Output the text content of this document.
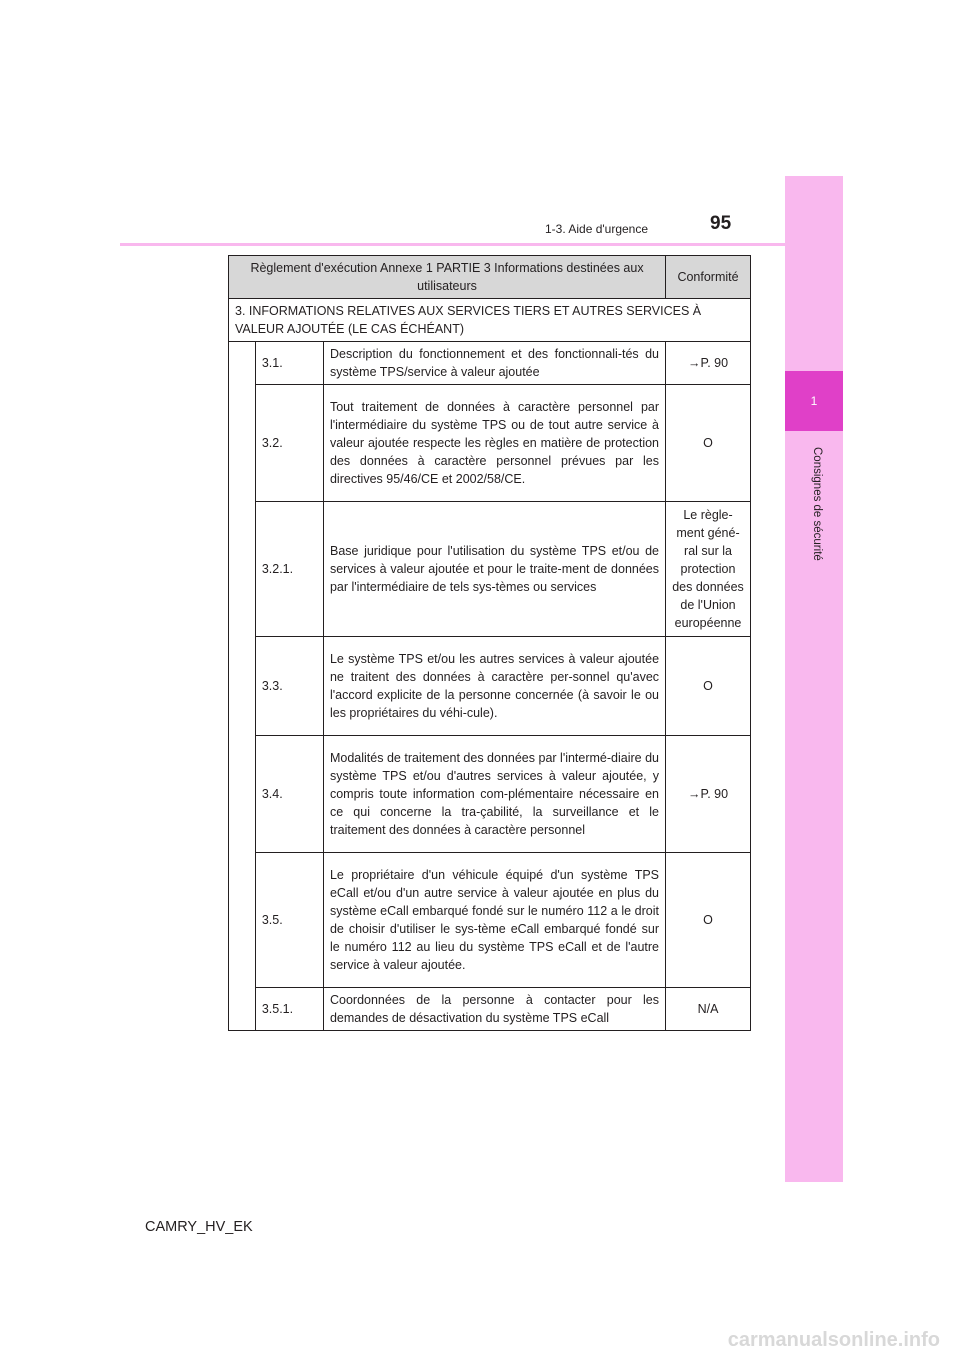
1-3. Aide d'urgence	95
1
Consignes de sécurité
Règlement d'exécution Annexe 1 PARTIE 3 Informations destinées aux utilisateurs			Conformité
3. INFORMATIONS RELATIVES AUX SERVICES TIERS ET AUTRES SERVICES À VALEUR AJOUTÉE (LE CAS ÉCHÉANT)			
	3.1.	Description du fonctionnement et des fonctionnali-tés du système TPS/service à valeur ajoutée	→P. 90
	3.2.	Tout traitement de données à caractère personnel par l'intermédiaire du système TPS ou de tout autre service à valeur ajoutée respecte les règles en matière de protection des données à caractère personnel prévues par les directives 95/46/CE et 2002/58/CE.	O
	3.2.1.	Base juridique pour l'utilisation du système TPS et/ou de services à valeur ajoutée et pour le traite-ment de données par l'intermédiaire de tels sys-tèmes ou services	Le règle-ment géné-ral sur la protection des données de l'Union européenne
	3.3.	Le système TPS et/ou les autres services à valeur ajoutée ne traitent des données à caractère per-sonnel qu'avec l'accord explicite de la personne concernée (à savoir le ou les propriétaires du véhi-cule).	O
	3.4.	Modalités de traitement des données par l'intermé-diaire du système TPS et/ou d'autres services à valeur ajoutée, y compris toute information com-plémentaire nécessaire en ce qui concerne la tra-çabilité, la surveillance et le traitement des données à caractère personnel	→P. 90
	3.5.	Le propriétaire d'un véhicule équipé d'un système TPS eCall et/ou d'un autre service à valeur ajoutée en plus du système eCall embarqué fondé sur le numéro 112 a le droit de choisir d'utiliser le sys-tème eCall embarqué fondé sur le numéro 112 au lieu du système TPS eCall et de l'autre service à valeur ajoutée.	O
	3.5.1.	Coordonnées de la personne à contacter pour les demandes de désactivation du système TPS eCall	N/A
CAMRY_HV_EK
carmanualsonline.info
